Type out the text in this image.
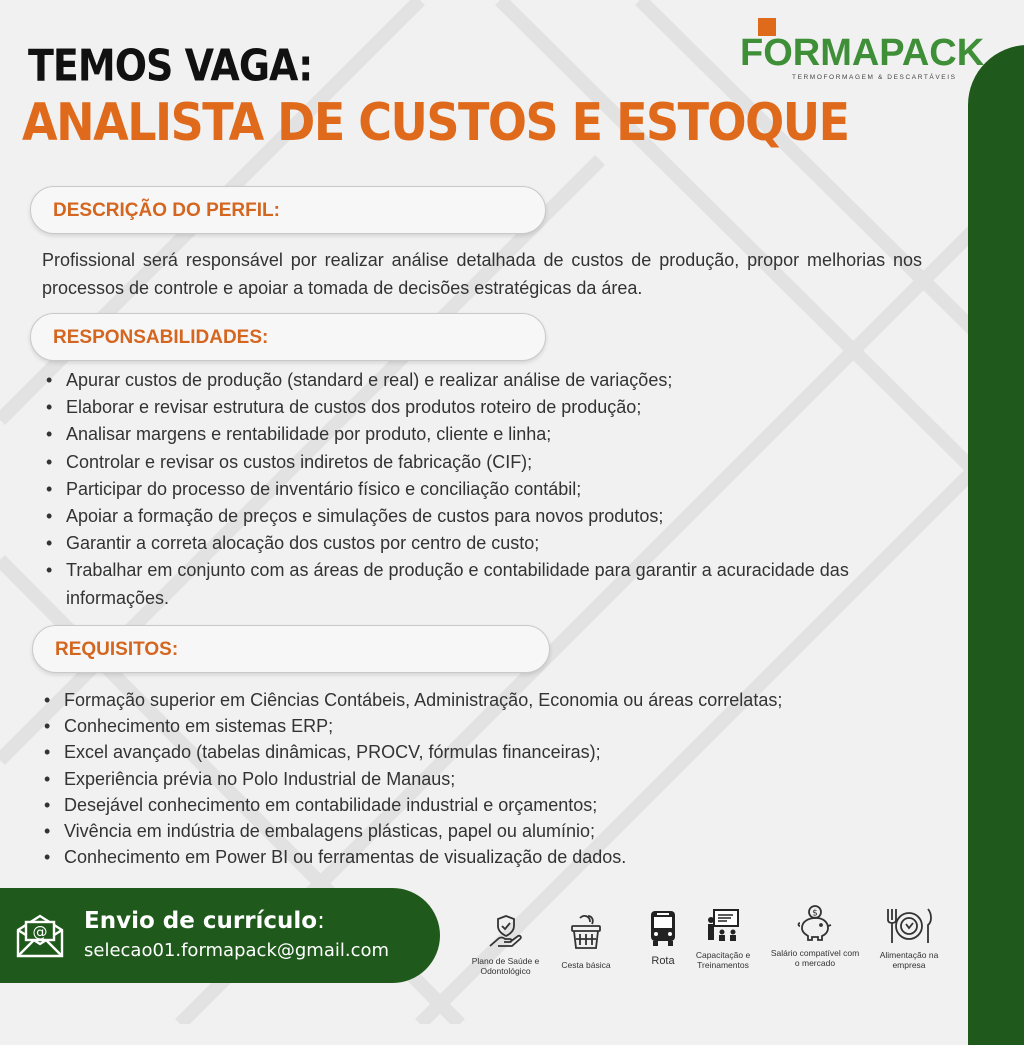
TEMOS VAGA:
ANALISTA DE CUSTOS E ESTOQUE
FORMAPACK
TERMOFORMAGEM & DESCARTÁVEIS
DESCRIÇÃO DO PERFIL:
Profissional será responsável por realizar análise detalhada de custos de produção, propor melhorias nos processos de controle e apoiar a tomada de decisões estratégicas da área.
RESPONSABILIDADES:
• Apurar custos de produção (standard e real) e realizar análise de variações;
• Elaborar e revisar estrutura de custos dos produtos roteiro de produção;
• Analisar margens e rentabilidade por produto, cliente e linha;
• Controlar e revisar os custos indiretos de fabricação (CIF);
• Participar do processo de inventário físico e conciliação contábil;
• Apoiar a formação de preços e simulações de custos para novos produtos;
• Garantir a correta alocação dos custos por centro de custo;
• Trabalhar em conjunto com as áreas de produção e contabilidade para garantir a acuracidade das informações.
REQUISITOS:
• Formação superior em Ciências Contábeis, Administração, Economia ou áreas correlatas;
• Conhecimento em sistemas ERP;
• Excel avançado (tabelas dinâmicas, PROCV, fórmulas financeiras);
• Experiência prévia no Polo Industrial de Manaus;
• Desejável conhecimento em contabilidade industrial e orçamentos;
• Vivência em indústria de embalagens plásticas, papel ou alumínio;
• Conhecimento em Power BI ou ferramentas de visualização de dados.
@ Envio de currículo:
selecao01.formapack@gmail.com	Plano de Saúde e Odontológico
Cesta básica	Rota	Capacitação e Treinamentos
$
Salário compatível com o mercado
Alimentação na empresa
